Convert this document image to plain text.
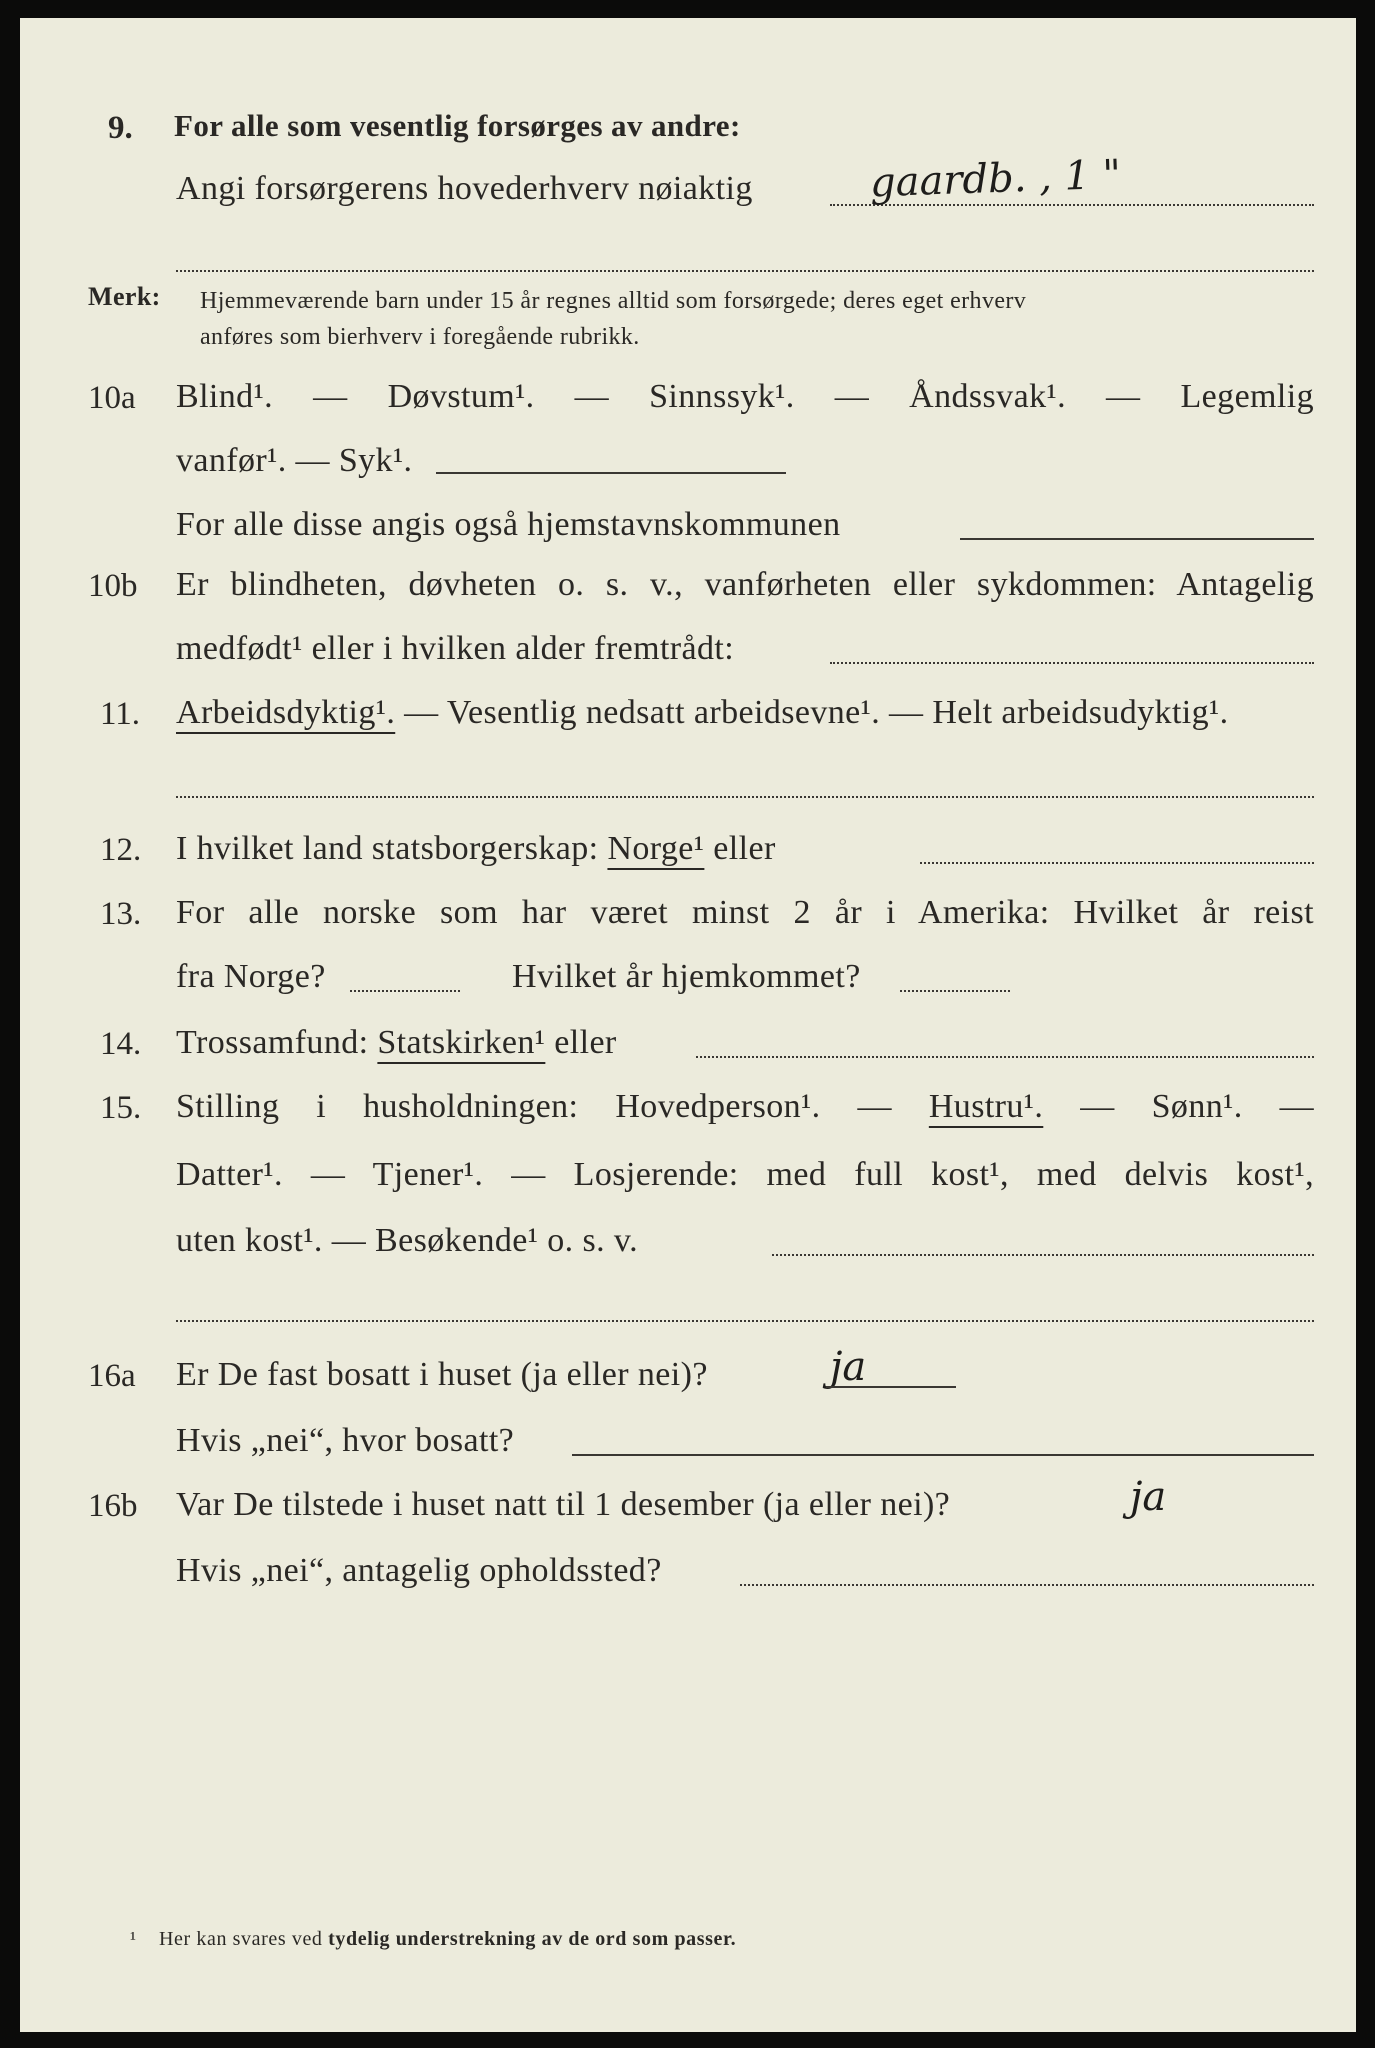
9. For alle som vesentlig forsørges av andre:
Angi forsørgerens hovederhverv nøiaktig	gaardb. , 1 "
Merk: Hjemmeværende barn under 15 år regnes alltid som forsørgede; deres eget erhverv
anføres som bierhverv i foregående rubrikk.
10a Blind¹. — Døvstum¹. — Sinnssyk¹. — Åndssvak¹. — Legemlig
vanfør¹. — Syk¹.
For alle disse angis også hjemstavnskommunen
10b Er blindheten, døvheten o. s. v., vanførheten eller sykdommen: Antagelig
medfødt¹ eller i hvilken alder fremtrådt:
11. Arbeidsdyktig¹. — Vesentlig nedsatt arbeidsevne¹. — Helt arbeidsudyktig¹.
12. I hvilket land statsborgerskap: Norge¹ eller
13. For alle norske som har været minst 2 år i Amerika: Hvilket år reist
fra Norge?	Hvilket år hjemkommet?
14. Trossamfund: Statskirken¹ eller
15. Stilling i husholdningen: Hovedperson¹. — Hustru¹. — Sønn¹. —
Datter¹. — Tjener¹. — Losjerende: med full kost¹, med delvis kost¹,
uten kost¹. — Besøkende¹ o. s. v.
16a Er De fast bosatt i huset (ja eller nei)?	ja
Hvis „nei“, hvor bosatt?
16b Var De tilstede i huset natt til 1 desember (ja eller nei)?	ja
Hvis „nei“, antagelig opholdssted?
¹ Her kan svares ved tydelig understrekning av de ord som passer.
